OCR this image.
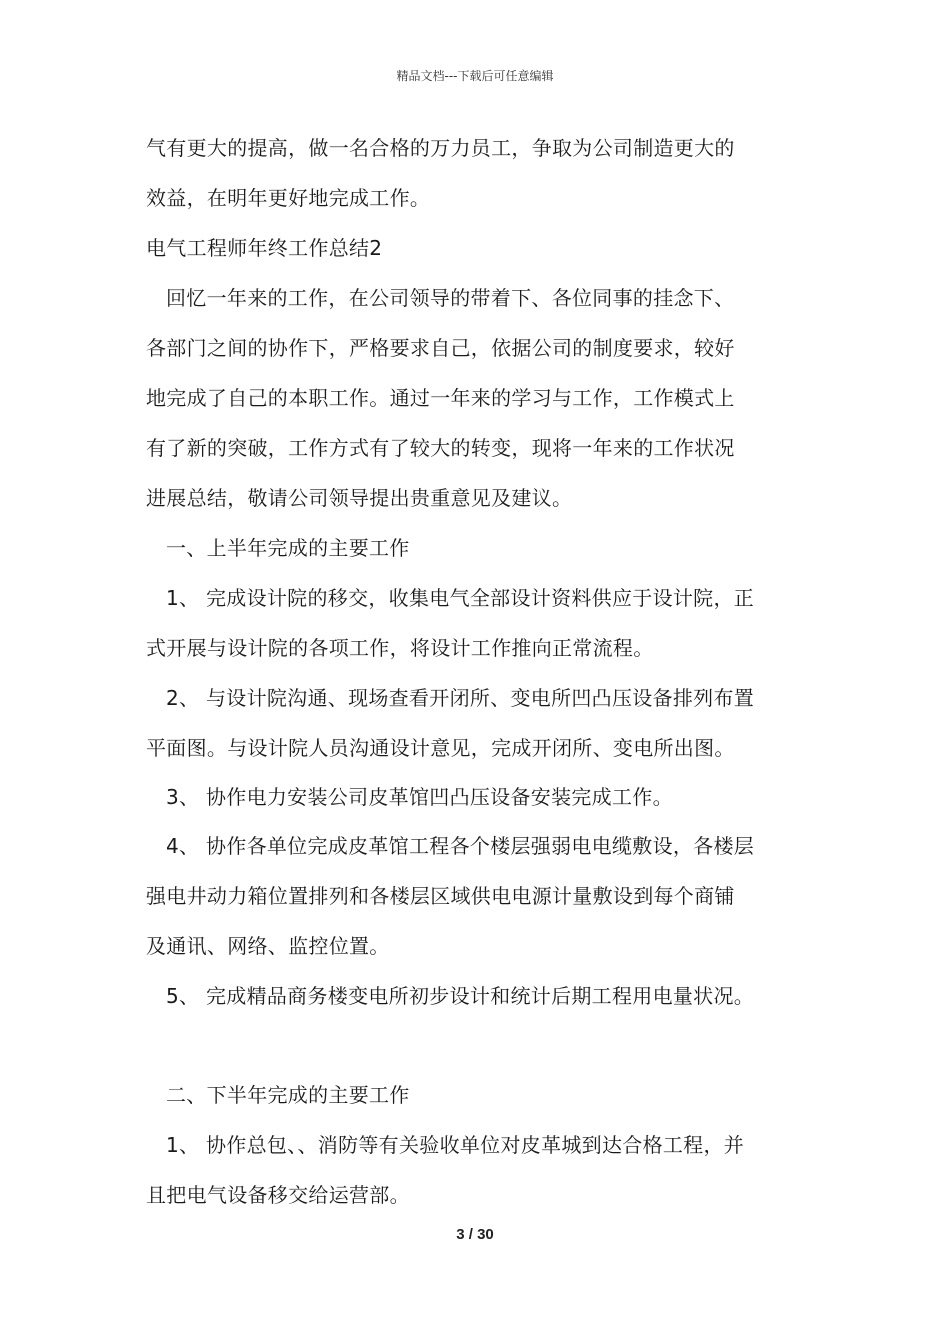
精品文档---下载后可任意编辑
气有更大的提高，做一名合格的万力员工，争取为公司制造更大的
效益，在明年更好地完成工作。
电气工程师年终工作总结2
回忆一年来的工作，在公司领导的带着下、各位同事的挂念下、
各部门之间的协作下，严格要求自己，依据公司的制度要求，较好
地完成了自己的本职工作。通过一年来的学习与工作，工作模式上
有了新的突破，工作方式有了较大的转变，现将一年来的工作状况
进展总结，敬请公司领导提出贵重意见及建议。
一、上半年完成的主要工作
1、 完成设计院的移交，收集电气全部设计资料供应于设计院，正
式开展与设计院的各项工作，将设计工作推向正常流程。
2、 与设计院沟通、现场查看开闭所、变电所凹凸压设备排列布置
平面图。与设计院人员沟通设计意见，完成开闭所、变电所出图。
3、 协作电力安装公司皮革馆凹凸压设备安装完成工作。
4、 协作各单位完成皮革馆工程各个楼层强弱电电缆敷设，各楼层
强电井动力箱位置排列和各楼层区域供电电源计量敷设到每个商铺
及通讯、网络、监控位置。
5、 完成精品商务楼变电所初步设计和统计后期工程用电量状况。
二、下半年完成的主要工作
1、 协作总包、、消防等有关验收单位对皮革城到达合格工程，并
且把电气设备移交给运营部。
3 / 30
